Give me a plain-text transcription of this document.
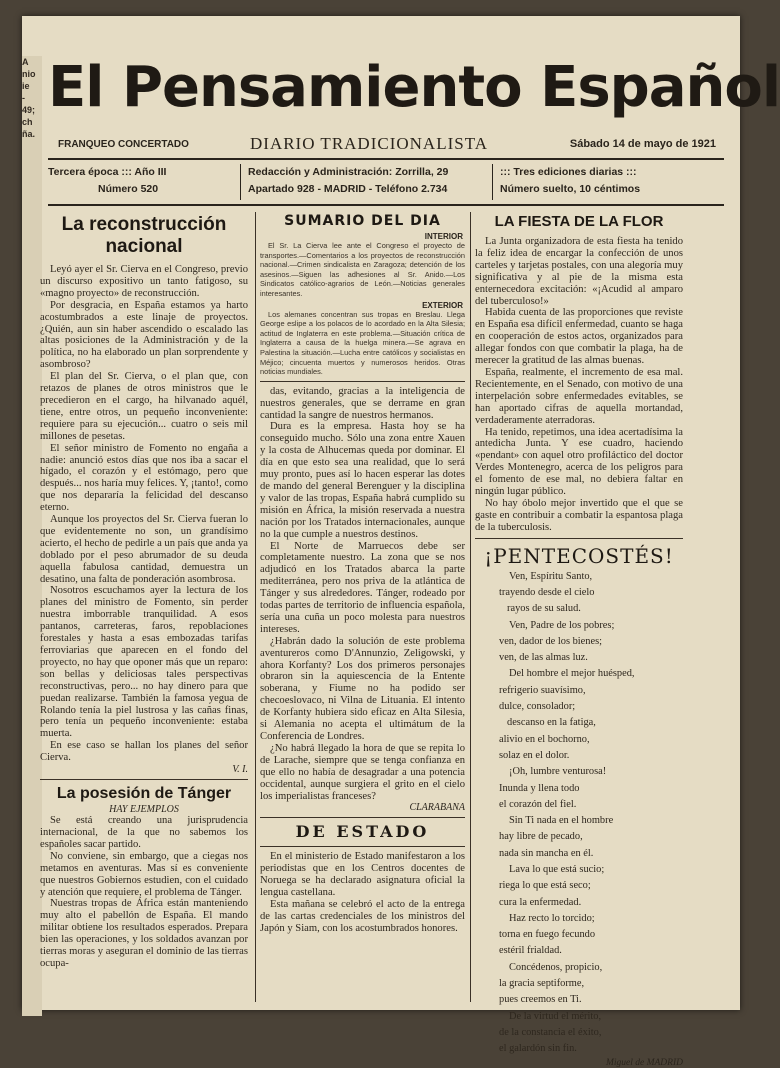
A
nio
ie
-
49;
ch
ña.
El Pensamiento Español
FRANQUEO CONCERTADO	DIARIO TRADICIONALISTA	Sábado 14 de mayo de 1921
Tercera época ::: Año III
Número 520
Redacción y Administración: Zorrilla, 29
Apartado 928 - MADRID - Teléfono 2.734
::: Tres ediciones diarias :::
Número suelto, 10 céntimos
La reconstrucción nacional

Leyó ayer el Sr. Cierva en el Congreso, previo un discurso expositivo un tanto fatigoso, su «magno proyecto» de reconstrucción.

Por desgracia, en España estamos ya harto acostumbrados a este linaje de proyectos. ¿Quién, aun sin haber ascendido o escalado las altas posiciones de la Administración y de la política, no ha elaborado un plan sorprendente y asombroso?

El plan del Sr. Cierva, o el plan que, con retazos de planes de otros ministros que le precedieron en el cargo, ha hilvanado aquél, tiene, entre otros, un pequeño inconveniente: requiere para su ejecución... cuatro o seis mil millones de pesetas.

El señor ministro de Fomento no engaña a nadie: anunció estos días que nos iba a sacar el hígado, el corazón y el estómago, pero que después... nos haría muy felices. Y, ¡tanto!, como que nos depararía la felicidad del descanso eterno.

Aunque los proyectos del Sr. Cierva fueran lo que evidentemente no son, un grandísimo acierto, el hecho de pedirle a un país que anda ya doblado por el peso abrumador de su deuda aquella fabulosa cantidad, demuestra un desatino, una falta de ponderación asombrosa.

Nosotros escuchamos ayer la lectura de los planes del ministro de Fomento, sin perder nuestra imborrable tranquilidad. A esos pantanos, carreteras, faros, repoblaciones forestales y hasta a esas embozadas tarifas ferroviarias que aparecen en el fondo del proyecto, no hay que oponer más que un reparo: son bellas y deliciosas tales perspectivas reconstructivas, pero... no hay dinero para que puedan realizarse. También la famosa yegua de Rolando tenía la piel lustrosa y las cañas finas, pero tenía un pequeño inconveniente: estaba muerta.

En ese caso se hallan los planes del señor Cierva.

V. I.
La posesión de Tánger
HAY EJEMPLOS

Se está creando una jurisprudencia internacional, de la que no sabemos los españoles sacar partido.

No conviene, sin embargo, que a ciegas nos metamos en aventuras. Mas sí es conveniente que nuestros Gobiernos estudien, con el cuidado y atención que requiere, el problema de Tánger.

Nuestras tropas de África están manteniendo muy alto el pabellón de España. El mando militar obtiene los resultados esperados. Prepara bien las operaciones, y los soldados avanzan por tierras moras y aseguran el dominio de las tierras ocupa-

SUMARIO DEL DIA
INTERIOR

El Sr. La Cierva lee ante el Congreso el proyecto de transportes.—Comentarios a los proyectos de reconstrucción nacional.—Crimen sindicalista en Zaragoza; detención de los asesinos.—Siguen las adhesiones al Sr. Anido.—Los Sindicatos católico-agrarios de León.—Noticias generales interesantes.

EXTERIOR

Los alemanes concentran sus tropas en Breslau. Llega George eslipe a los polacos de lo acordado en la Alta Silesia; actitud de Inglaterra en este problema.—Situación crítica de Inglaterra a causa de la huelga minera.—Se agrava en Palestina la situación.—Lucha entre católicos y socialistas en Méjico; cincuenta muertos y numerosos heridos. Otras noticias mundiales.

das, evitando, gracias a la inteligencia de nuestros generales, que se derrame en gran cantidad la sangre de nuestros hermanos.

Dura es la empresa. Hasta hoy se ha conseguido mucho. Sólo una zona entre Xauen y la costa de Alhucemas queda por dominar. El día en que esto sea una realidad, que lo será muy pronto, pues así lo hacen esperar las dotes de mando del general Berenguer y la disciplina y valor de las tropas, España habrá cumplido su misión en África, la misión reservada a nuestra nación por los Tratados internacionales, aunque no la que cumple a nuestros destinos.

El Norte de Marruecos debe ser completamente nuestro. La zona que se nos adjudicó en los Tratados abarca la parte mediterránea, pero nos priva de la atlántica de Tánger y sus alrededores. Tánger, rodeado por todas partes de territorio de influencia española, sería una cuña un poco molesta para nuestros intereses.

¿Habrán dado la solución de este problema aventureros como D'Annunzio, Zeligowski, y ahora Korfanty? Los dos primeros personajes obraron sin la aquiescencia de la Entente soberana, y Fiume no ha podido ser checoeslovaco, ni Vilna de Lituania. El intento de Korfanty hubiera sido eficaz en Alta Silesia, si Alemania no acepta el ultimátum de la Conferencia de Londres.

¿No habrá llegado la hora de que se repita lo de Larache, siempre que se tenga confianza en que ello no había de desagradar a una potencia occidental, aunque surgiera el grito en el cielo los imperialistas franceses?

CLARABANA
DE ESTADO

En el ministerio de Estado manifestaron a los periodistas que en los Centros docentes de Noruega se ha declarado asignatura oficial la lengua castellana.

Esta mañana se celebró el acto de la entrega de las cartas credenciales de los ministros del Japón y Siam, con los acostumbrados honores.

LA FIESTA DE LA FLOR

La Junta organizadora de esta fiesta ha tenido la feliz idea de encargar la confección de unos carteles y tarjetas postales, con una alegoría muy significativa y al pie de la misma esta enternecedora excitación: «¡Acudid al amparo del tuberculoso!»

Habida cuenta de las proporciones que reviste en España esa difícil enfermedad, cuanto se haga en cooperación de estos actos, organizados para allegar fondos con que combatir la plaga, ha de merecer la gratitud de las almas buenas.

España, realmente, el incremento de esa mal. Recientemente, en el Senado, con motivo de una interpelación sobre enfermedades evitables, se han aportado cifras de aquella mortandad, verdaderamente aterradoras.

Ha tenido, repetimos, una idea acertadísima la antedicha Junta. Y ese cuadro, haciendo «pendant» con aquel otro profiláctico del doctor Verdes Montenegro, acerca de los peligros para el fomento de ese mal, no debiera faltar en ningún lugar público.

No hay óbolo mejor invertido que el que se gaste en contribuir a combatir la espantosa plaga de la tuberculosis.

¡PENTECOSTÉS!
Ven, Espíritu Santo,
trayendo desde el cielo
rayos de su salud.
Ven, Padre de los pobres;
ven, dador de los bienes;
ven, de las almas luz.
Del hombre el mejor huésped,
refrigerio suavísimo,
dulce, consolador;
descanso en la fatiga,
alivio en el bochorno,
solaz en el dolor.
¡Oh, lumbre venturosa!
Inunda y llena todo
el corazón del fiel.
Sin Ti nada en el hombre
hay libre de pecado,
nada sin mancha en él.
Lava lo que está sucio;
riega lo que está seco;
cura la enfermedad.
Haz recto lo torcido;
torna en fuego fecundo
estéril frialdad.
Concédenos, propicio,
la gracia septiforme,
pues creemos en Ti.
De la virtud el mérito,
de la constancia el éxito,
el galardón sin fin.
Miguel de MADRID
